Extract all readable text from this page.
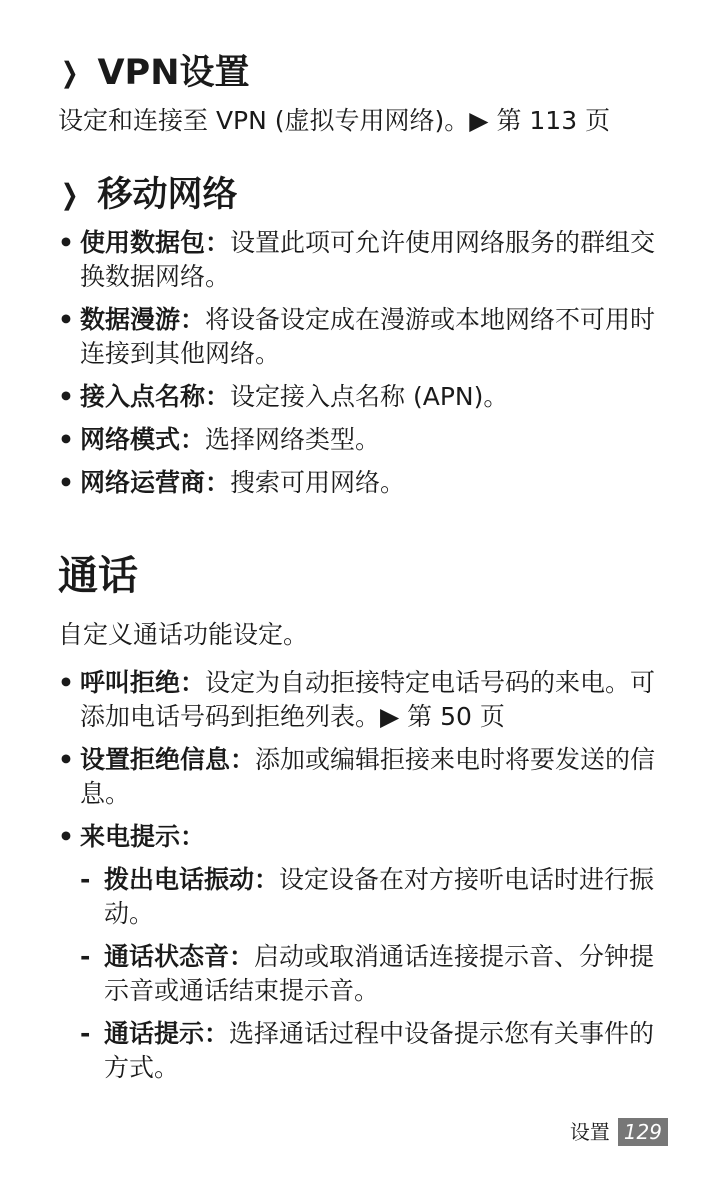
❯ VPN设置

设定和连接至 VPN (虚拟专用网络)。▶ 第 113 页

❯ 移动网络
• 使用数据包：设置此项可允许使用网络服务的群组交换数据网络。
• 数据漫游：将设备设定成在漫游或本地网络不可用时连接到其他网络。
• 接入点名称：设定接入点名称 (APN)。
• 网络模式：选择网络类型。
• 网络运营商：搜索可用网络。
通话

自定义通话功能设定。

• 呼叫拒绝：设定为自动拒接特定电话号码的来电。可添加电话号码到拒绝列表。▶ 第 50 页
• 设置拒绝信息：添加或编辑拒接来电时将要发送的信息。
• 来电提示：
- 拨出电话振动：设定设备在对方接听电话时进行振动。
- 通话状态音：启动或取消通话连接提示音、分钟提示音或通话结束提示音。
- 通话提示：选择通话过程中设备提示您有关事件的方式。
设置 129
